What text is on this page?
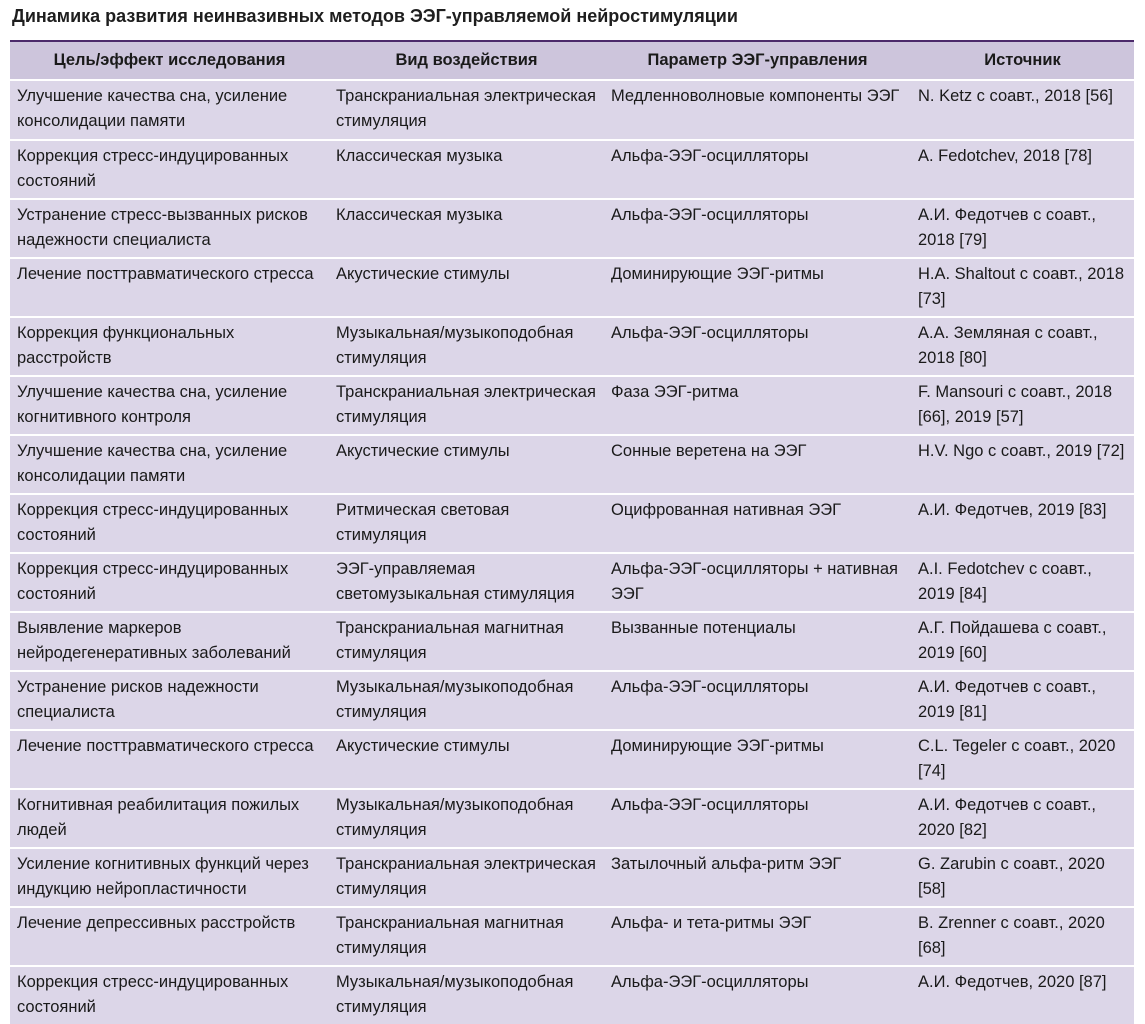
Динамика развития неинвазивных методов ЭЭГ-управляемой нейростимуляции
Цель/эффект исследования	Вид воздействия	Параметр ЭЭГ-управления	Источник
Улучшение качества сна, усиление консолидации памяти	Транскраниальная электрическая стимуляция	Медленноволновые компоненты ЭЭГ	N. Ketz с соавт., 2018 [56]
Коррекция стресс-индуцированных состояний	Классическая музыка	Альфа-ЭЭГ-осцилляторы	A. Fedotchev, 2018 [78]
Устранение стресс-вызванных рисков надежности специалиста	Классическая музыка	Альфа-ЭЭГ-осцилляторы	А.И. Федотчев с соавт., 2018 [79]
Лечение посттравматического стресса	Акустические стимулы	Доминирующие ЭЭГ-ритмы	H.A. Shaltout с соавт., 2018 [73]
Коррекция функциональных расстройств	Музыкальная/музыкоподобная стимуляция	Альфа-ЭЭГ-осцилляторы	А.А. Земляная с соавт., 2018 [80]
Улучшение качества сна, усиление когнитивного контроля	Транскраниальная электрическая стимуляция	Фаза ЭЭГ-ритма	F. Mansouri с соавт., 2018 [66], 2019 [57]
Улучшение качества сна, усиление консолидации памяти	Акустические стимулы	Сонные веретена на ЭЭГ	H.V. Ngo с соавт., 2019 [72]
Коррекция стресс-индуцированных состояний	Ритмическая световая стимуляция	Оцифрованная нативная ЭЭГ	А.И. Федотчев, 2019 [83]
Коррекция стресс-индуцированных состояний	ЭЭГ-управляемая светомузыкальная стимуляция	Альфа-ЭЭГ-осцилляторы + нативная ЭЭГ	A.I. Fedotchev с соавт., 2019 [84]
Выявление маркеров нейродегенеративных заболеваний	Транскраниальная магнитная стимуляция	Вызванные потенциалы	А.Г. Пойдашева с соавт., 2019 [60]
Устранение рисков надежности специалиста	Музыкальная/музыкоподобная стимуляция	Альфа-ЭЭГ-осцилляторы	А.И. Федотчев с соавт., 2019 [81]
Лечение посттравматического стресса	Акустические стимулы	Доминирующие ЭЭГ-ритмы	C.L. Tegeler с соавт., 2020 [74]
Когнитивная реабилитация пожилых людей	Музыкальная/музыкоподобная стимуляция	Альфа-ЭЭГ-осцилляторы	А.И. Федотчев с соавт., 2020 [82]
Усиление когнитивных функций через индукцию нейропластичности	Транскраниальная электрическая стимуляция	Затылочный альфа-ритм ЭЭГ	G. Zarubin с соавт., 2020 [58]
Лечение депрессивных расстройств	Транскраниальная магнитная стимуляция	Альфа- и тета-ритмы ЭЭГ	B. Zrenner с соавт., 2020 [68]
Коррекция стресс-индуцированных состояний	Музыкальная/музыкоподобная стимуляция	Альфа-ЭЭГ-осцилляторы	А.И. Федотчев, 2020 [87]
